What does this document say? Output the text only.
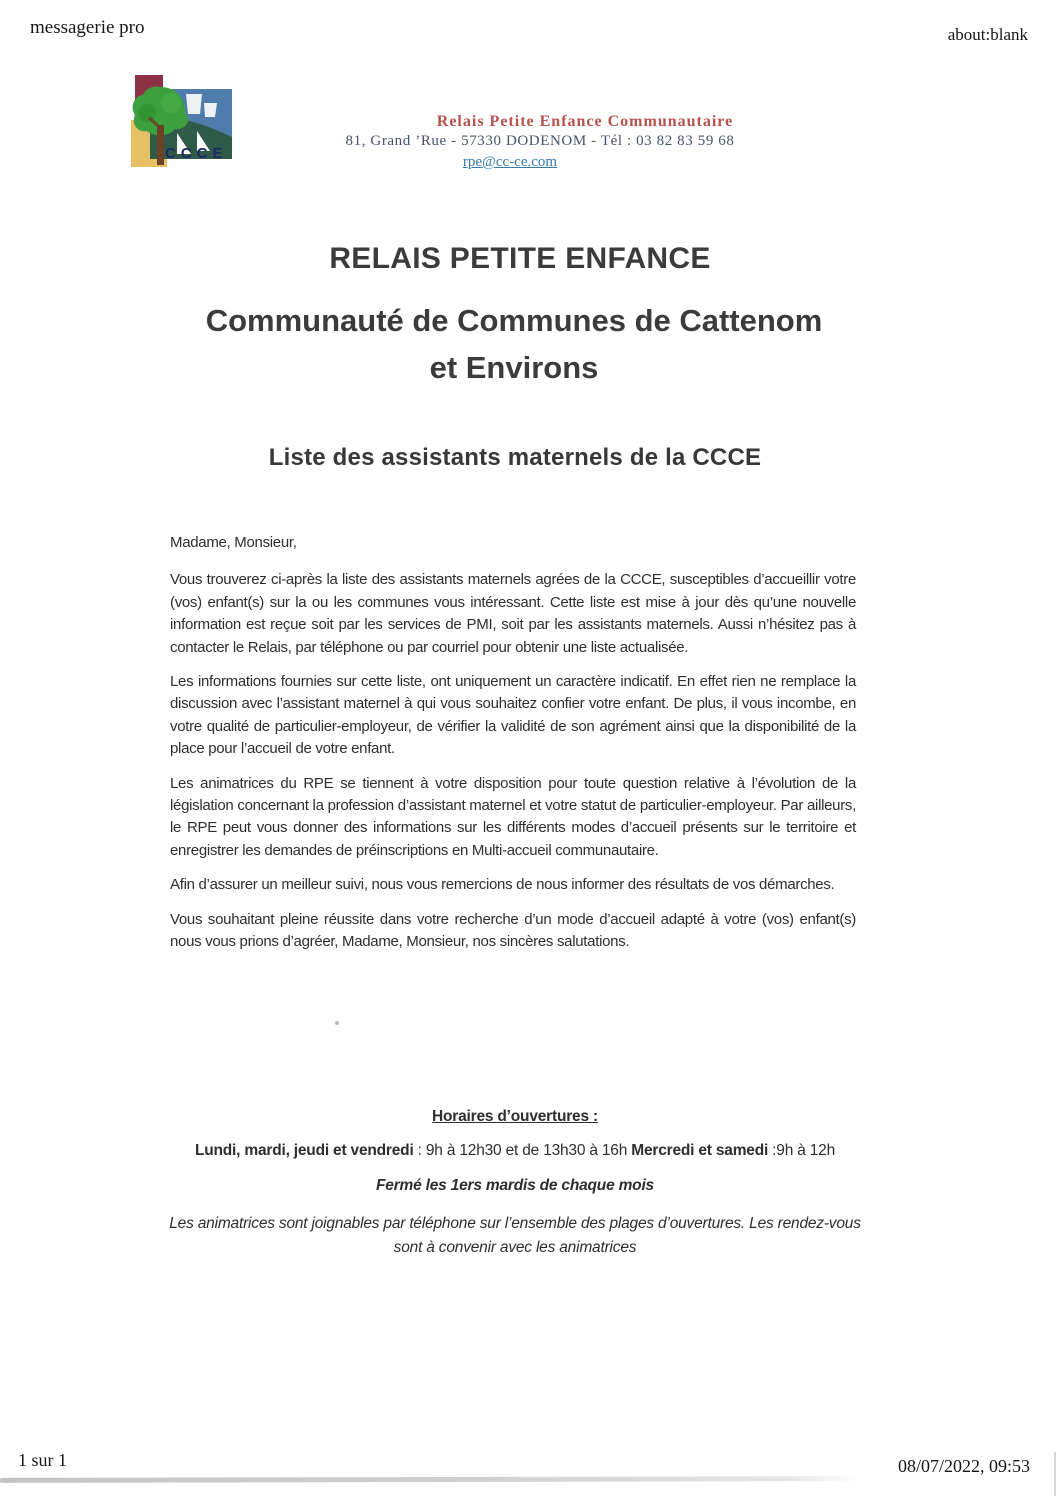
messagerie pro	about:blank
CCCE
Relais Petite Enfance Communautaire
81, Grand ’Rue - 57330 DODENOM - Tél : 03 82 83 59 68
rpe@cc-ce.com
RELAIS PETITE ENFANCE
Communauté de Communes de Cattenom et Environs
Liste des assistants maternels de la CCCE
Madame, Monsieur,

Vous trouverez ci-après la liste des assistants maternels agrées de la CCCE, susceptibles d’accueillir votre (vos) enfant(s) sur la ou les communes vous intéressant. Cette liste est mise à jour dès qu’une nouvelle information est reçue soit par les services de PMI, soit par les assistants maternels. Aussi n’hésitez pas à contacter le Relais, par téléphone ou par courriel pour obtenir une liste actualisée.

Les informations fournies sur cette liste, ont uniquement un caractère indicatif. En effet rien ne remplace la discussion avec l’assistant maternel à qui vous souhaitez confier votre enfant. De plus, il vous incombe, en votre qualité de particulier-employeur, de vérifier la validité de son agrément ainsi que la disponibilité de la place pour l’accueil de votre enfant.

Les animatrices du RPE se tiennent à votre disposition pour toute question relative à l’évolution de la législation concernant la profession d’assistant maternel et votre statut de particulier-employeur. Par ailleurs, le RPE peut vous donner des informations sur les différents modes d’accueil présents sur le territoire et enregistrer les demandes de préinscriptions en Multi-accueil communautaire.

Afin d’assurer un meilleur suivi, nous vous remercions de nous informer des résultats de vos démarches.

Vous souhaitant pleine réussite dans votre recherche d’un mode d’accueil adapté à votre (vos) enfant(s) nous vous prions d’agréer, Madame, Monsieur, nos sincères salutations.

Horaires d’ouvertures :
Lundi, mardi, jeudi et vendredi : 9h à 12h30 et de 13h30 à 16h Mercredi et samedi :9h à 12h
Fermé les 1ers mardis de chaque mois
Les animatrices sont joignables par téléphone sur l’ensemble des plages d’ouvertures. Les rendez-vous sont à convenir avec les animatrices
1 sur 1	08/07/2022, 09:53
